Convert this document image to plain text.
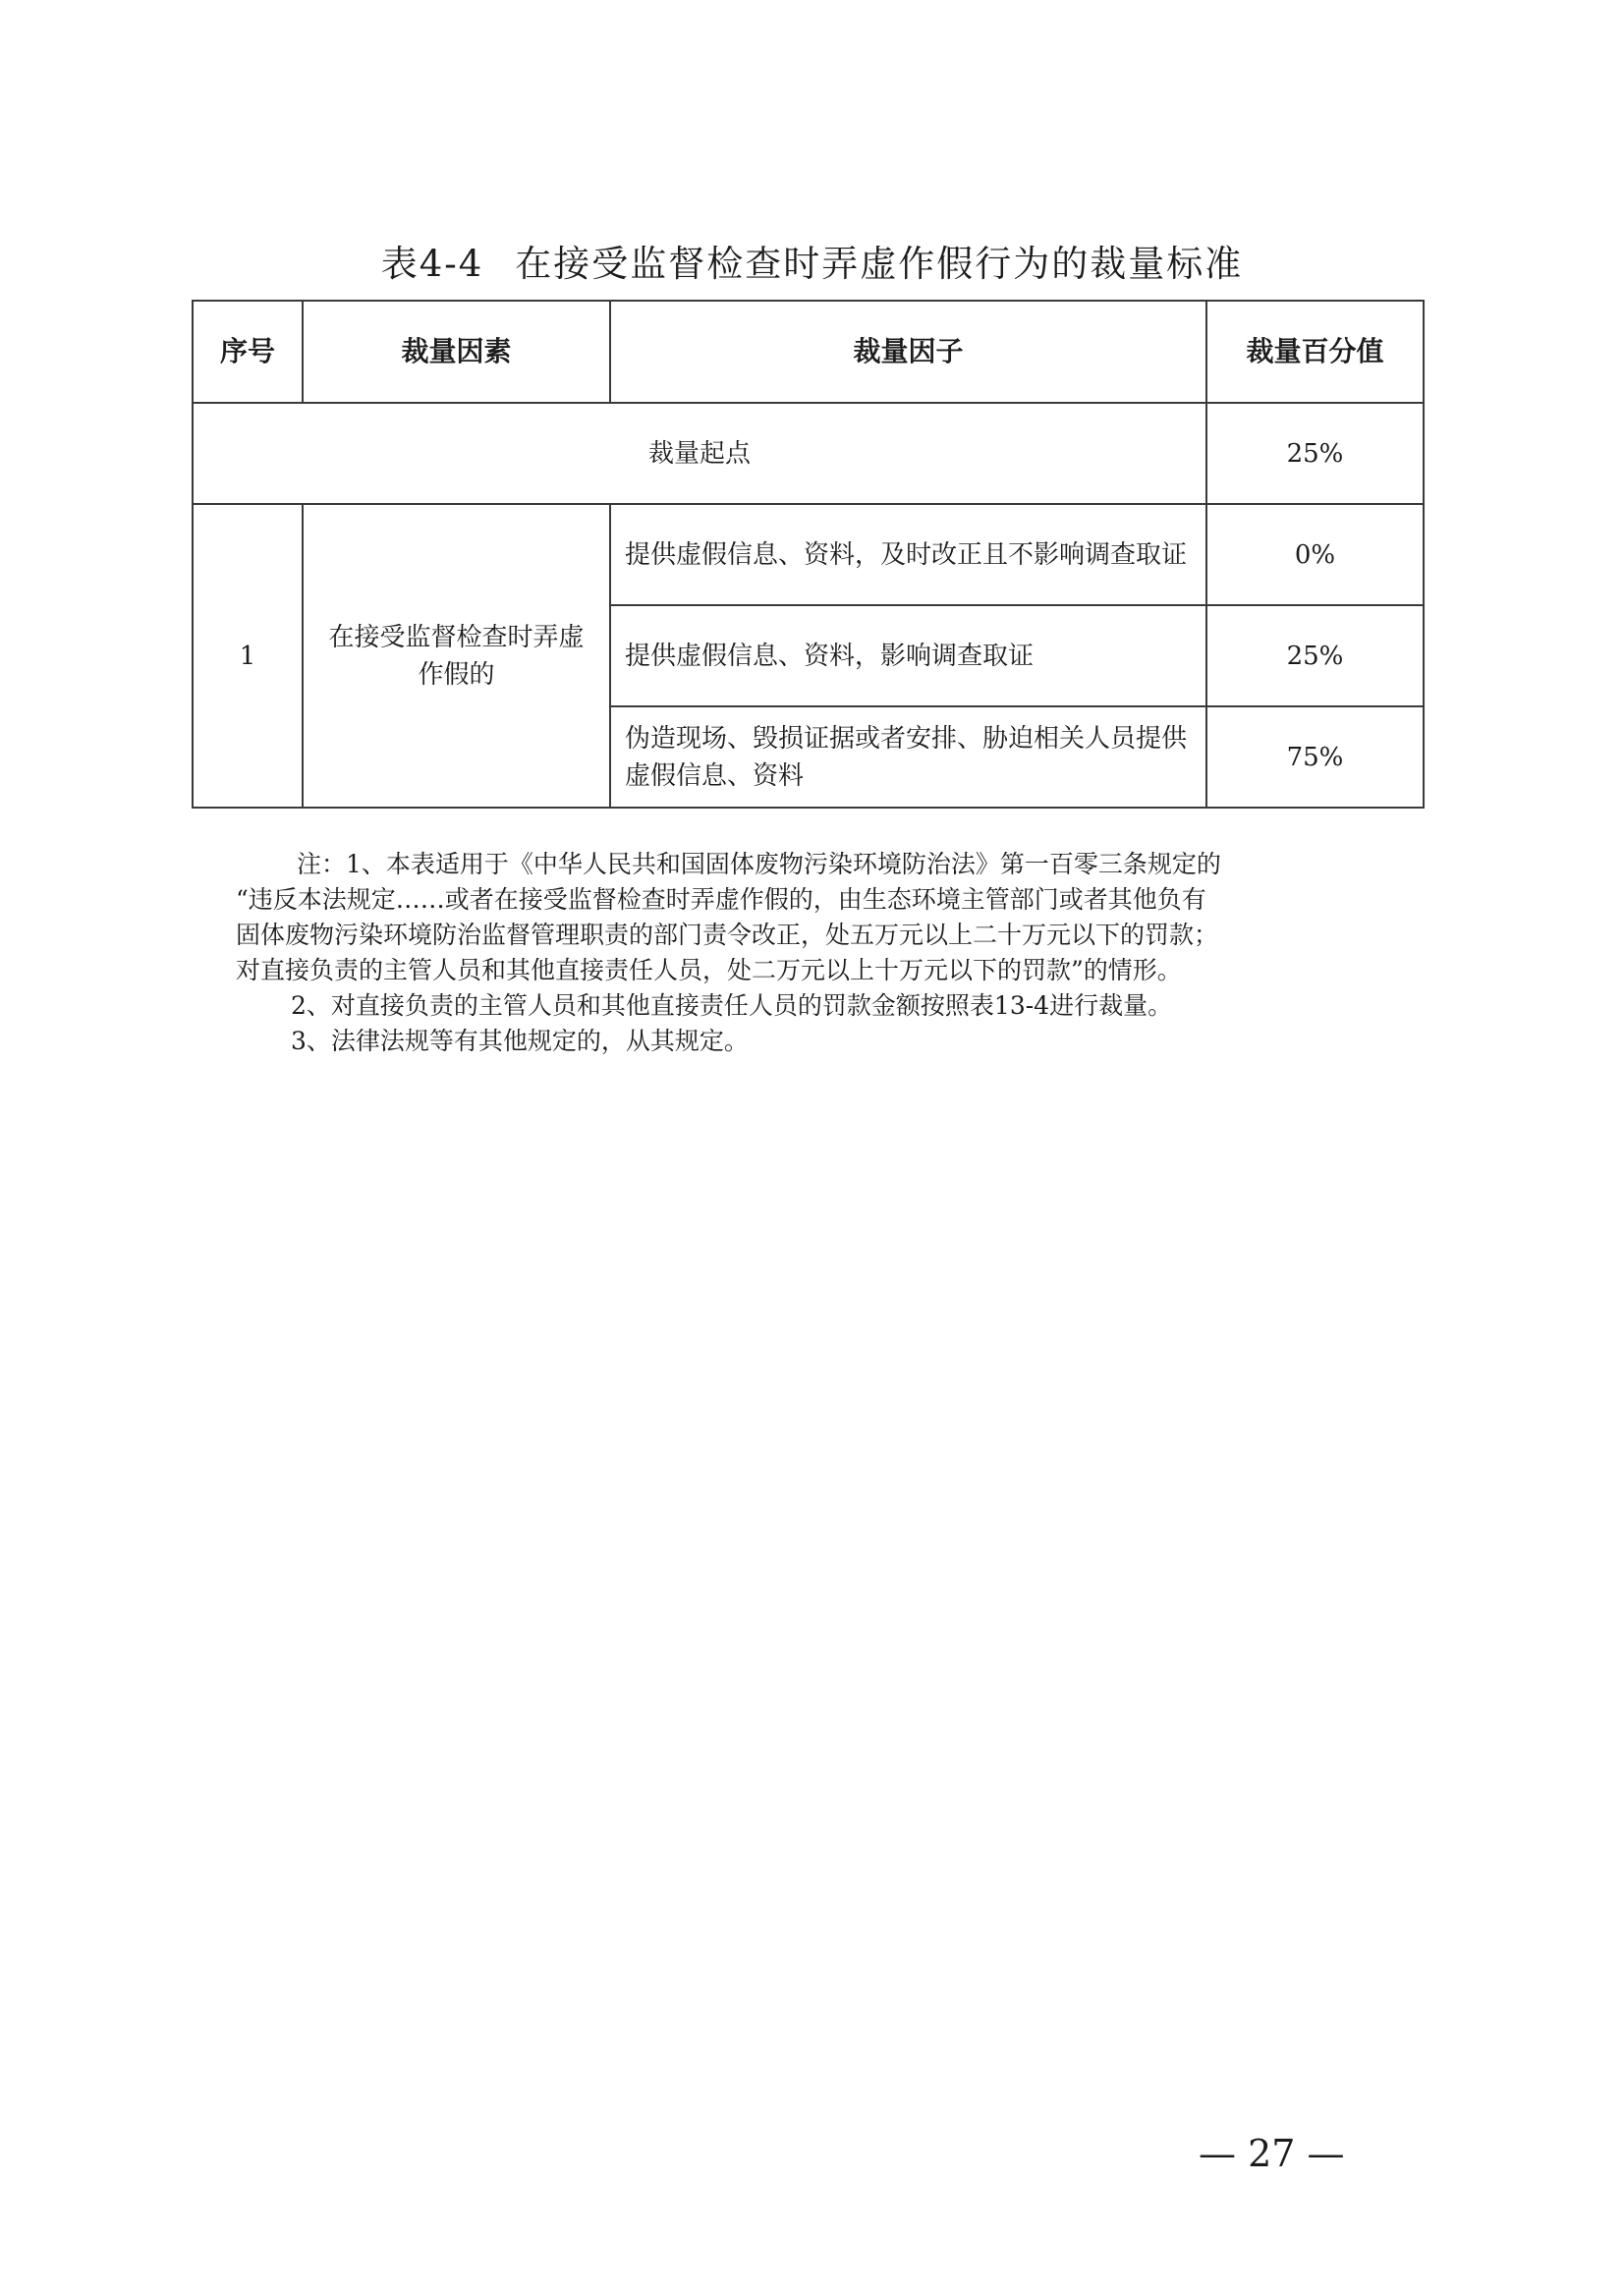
表4-4 在接受监督检查时弄虚作假行为的裁量标准
序号	裁量因素	裁量因子	裁量百分值
裁量起点			25%
1	在接受监督检查时弄虚作假的	提供虚假信息、资料，及时改正且不影响调查取证	0%
		提供虚假信息、资料，影响调查取证	25%
		伪造现场、毁损证据或者安排、胁迫相关人员提供虚假信息、资料	75%

注：1、本表适用于《中华人民共和国固体废物污染环境防治法》第一百零三条规定的

“违反本法规定……或者在接受监督检查时弄虚作假的，由生态环境主管部门或者其他负有

固体废物污染环境防治监督管理职责的部门责令改正，处五万元以上二十万元以下的罚款；

对直接负责的主管人员和其他直接责任人员，处二万元以上十万元以下的罚款”的情形。

2、对直接负责的主管人员和其他直接责任人员的罚款金额按照表13-4进行裁量。

3、法律法规等有其他规定的，从其规定。

— 27 —
